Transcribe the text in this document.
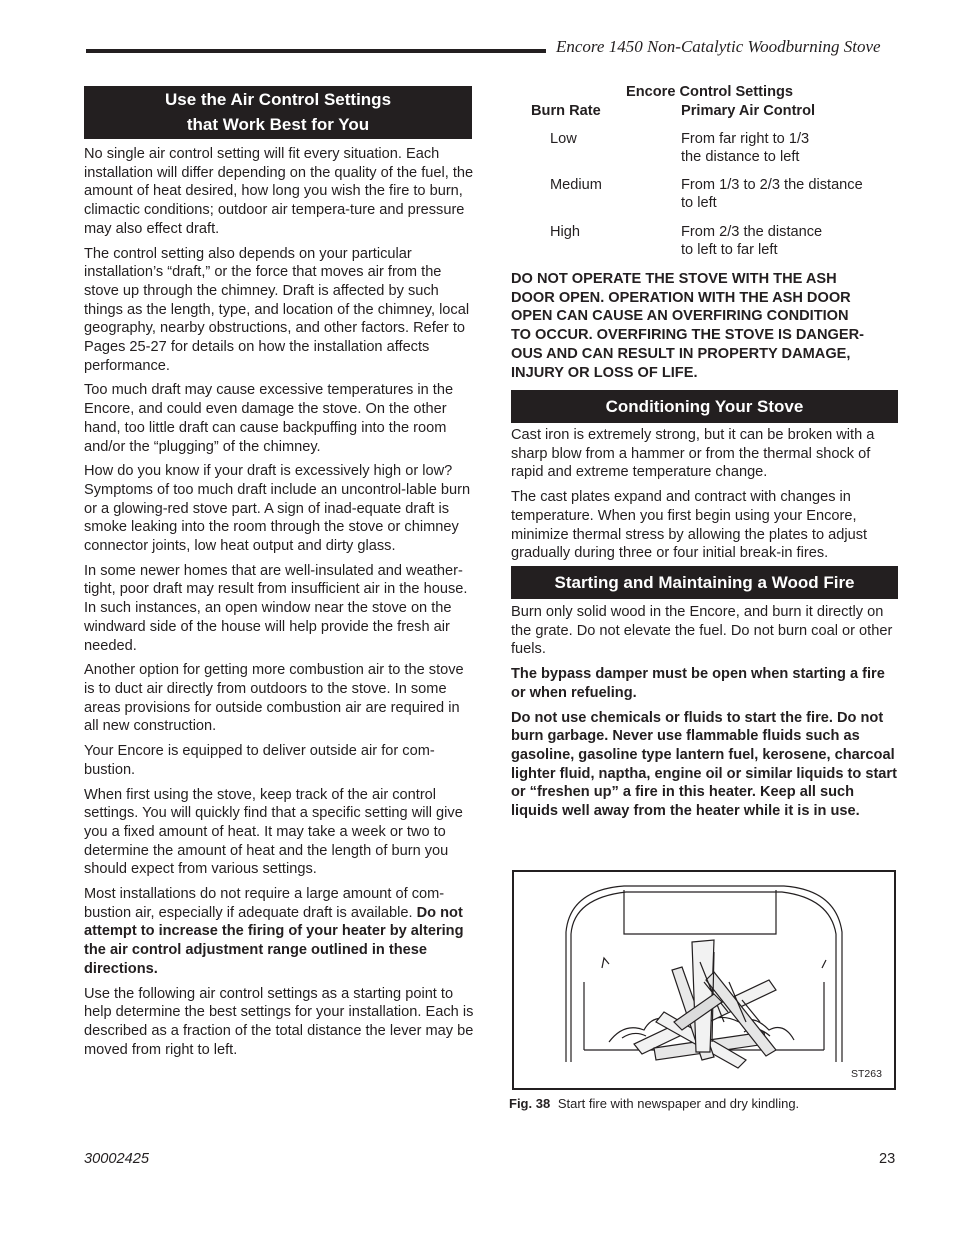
Encore 1450 Non-Catalytic Woodburning Stove
Use the Air Control Settings
that Work Best for You

No single air control setting will fit every situation. Each installation will differ depending on the quality of the fuel, the amount of heat desired, how long you wish the fire to burn, climactic conditions; outdoor air tempera-ture and pressure may also effect draft.

The control setting also depends on your particular installation’s “draft,” or the force that moves air from the stove up through the chimney. Draft is affected by such things as the length, type, and location of the chimney, local geography, nearby obstructions, and other factors. Refer to Pages 25-27 for details on how the installation affects performance.

Too much draft may cause excessive temperatures in the Encore, and could even damage the stove. On the other hand, too little draft can cause backpuffing into the room and/or the “plugging” of the chimney.

How do you know if your draft is excessively high or low? Symptoms of too much draft include an uncontrol-lable burn or a glowing-red stove part. A sign of inad-equate draft is smoke leaking into the room through the stove or chimney connector joints, low heat output and dirty glass.

In some newer homes that are well-insulated and weather-tight, poor draft may result from insufficient air in the house. In such instances, an open window near the stove on the windward side of the house will help provide the fresh air needed.

Another option for getting more combustion air to the stove is to duct air directly from outdoors to the stove. In some areas provisions for outside combustion air are required in all new construction.

Your Encore is equipped to deliver outside air for com-bustion.

When first using the stove, keep track of the air control settings. You will quickly find that a specific setting will give you a fixed amount of heat. It may take a week or two to determine the amount of heat and the length of burn you should expect from various settings.

Most installations do not require a large amount of com-bustion air, especially if adequate draft is available. Do not attempt to increase the firing of your heater by altering the air control adjustment range outlined in these directions.

Use the following air control settings as a starting point to help determine the best settings for your installation. Each is described as a fraction of the total distance the lever may be moved from right to left.

Encore Control Settings
Burn Rate	Primary Air Control
Low	From far right to 1/3
the distance to left
Medium	From 1/3 to 2/3 the distance
to left
High	From 2/3 the distance
to left to far left
DO NOT OPERATE THE STOVE WITH THE ASH
DOOR OPEN. OPERATION WITH THE ASH DOOR
OPEN CAN CAUSE AN OVERFIRING CONDITION
TO OCCUR. OVERFIRING THE STOVE IS DANGER-
OUS AND CAN RESULT IN PROPERTY DAMAGE,
INJURY OR LOSS OF LIFE.
Conditioning Your Stove

Cast iron is extremely strong, but it can be broken with a sharp blow from a hammer or from the thermal shock of rapid and extreme temperature change.

The cast plates expand and contract with changes in temperature. When you first begin using your Encore, minimize thermal stress by allowing the plates to adjust gradually during three or four initial break-in fires.

Starting and Maintaining a Wood Fire

Burn only solid wood in the Encore, and burn it directly on the grate. Do not elevate the fuel. Do not burn coal or other fuels.

The bypass damper must be open when starting a fire or when refueling.

Do not use chemicals or fluids to start the fire. Do not burn garbage. Never use flammable fluids such as gasoline, gasoline type lantern fuel, kerosene, charcoal lighter fluid, naptha, engine oil or similar liquids to start or “freshen up” a fire in this heater. Keep all such liquids well away from the heater while it is in use.

ST263
Fig. 38 Start fire with newspaper and dry kindling.
30002425	23
